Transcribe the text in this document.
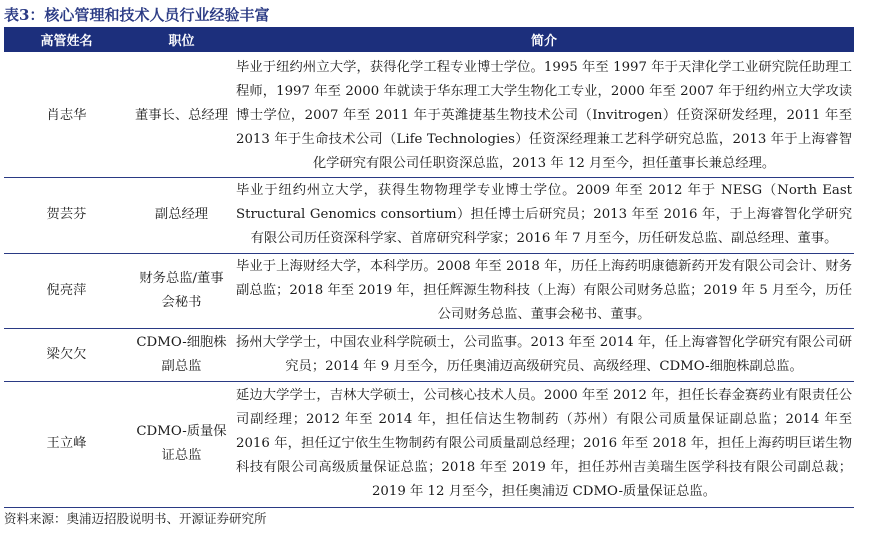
表3：核心管理和技术人员行业经验丰富
高管姓名	职位	简介
肖志华	董事长、总经理	毕业于纽约州立大学，获得化学工程专业博士学位。1995 年至 1997 年于天津化学工业研究院任助理工程师，1997 年至 2000 年就读于华东理工大学生物化工专业，2000 年至 2007 年于纽约州立大学攻读博士学位，2007 年至 2011 年于英潍捷基生物技术公司（Invitrogen）任资深研发经理，2011 年至 2013 年于生命技术公司（Life Technologies）任资深经理兼工艺科学研究总监，2013 年于上海睿智化学研究有限公司任职资深总监，2013 年 12 月至今，担任董事长兼总经理。
贺芸芬	副总经理	毕业于纽约州立大学，获得生物物理学专业博士学位。2009 年至 2012 年于 NESG（North East Structural Genomics consortium）担任博士后研究员；2013 年至 2016 年，于上海睿智化学研究有限公司历任资深科学家、首席研究科学家；2016 年 7 月至今，历任研发总监、副总经理、董事。
倪亮萍	财务总监/董事会秘书	毕业于上海财经大学，本科学历。2008 年至 2018 年，历任上海药明康德新药开发有限公司会计、财务副总监；2018 年至 2019 年，担任辉源生物科技（上海）有限公司财务总监；2019 年 5 月至今，历任公司财务总监、董事会秘书、董事。
梁欠欠	CDMO-细胞株副总监	扬州大学学士，中国农业科学院硕士，公司监事。2013 年至 2014 年，任上海睿智化学研究有限公司研究员；2014 年 9 月至今，历任奥浦迈高级研究员、高级经理、CDMO-细胞株副总监。
王立峰	CDMO-质量保证总监	延边大学学士，吉林大学硕士，公司核心技术人员。2000 年至 2012 年，担任长春金赛药业有限责任公司副经理；2012 年至 2014 年，担任信达生物制药（苏州）有限公司质量保证副总监；2014 年至 2016 年，担任辽宁依生生物制药有限公司质量副总经理；2016 年至 2018 年，担任上海药明巨诺生物科技有限公司高级质量保证总监；2018 年至 2019 年，担任苏州吉美瑞生医学科技有限公司副总裁；2019 年 12 月至今，担任奥浦迈 CDMO-质量保证总监。
资料来源：奥浦迈招股说明书、开源证券研究所
